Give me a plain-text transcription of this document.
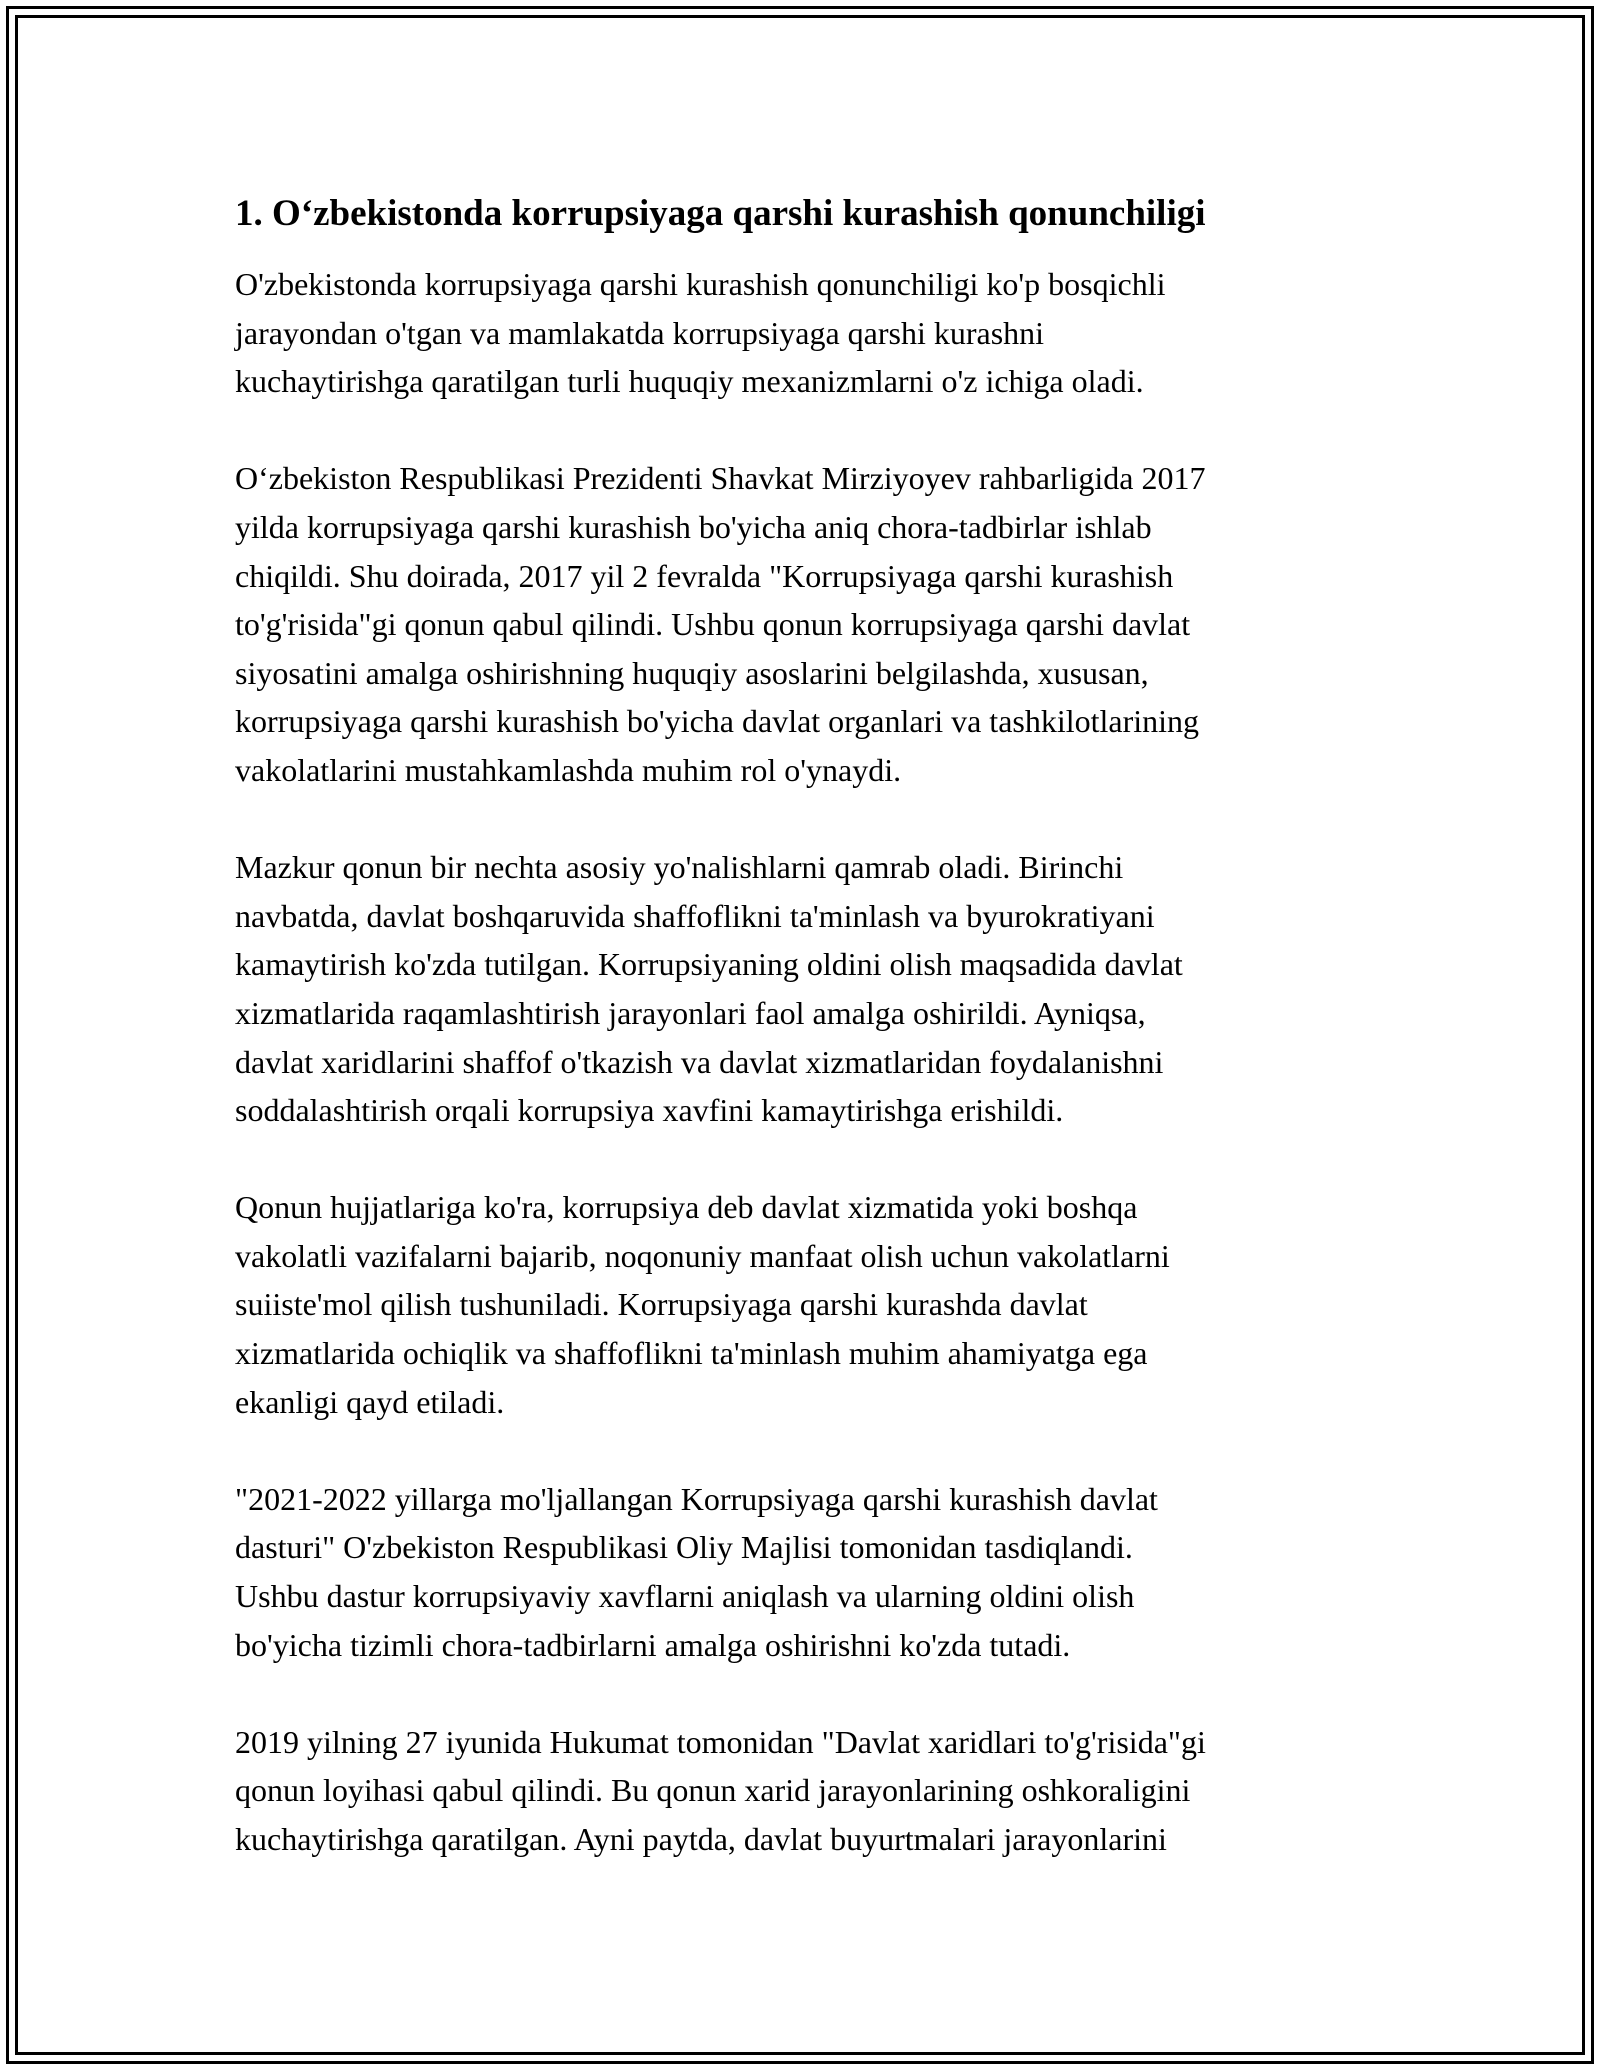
1. O‘zbekistonda korrupsiyaga qarshi kurashish qonunchiligi

O'zbekistonda korrupsiyaga qarshi kurashish qonunchiligi ko'p bosqichli
jarayondan o'tgan va mamlakatda korrupsiyaga qarshi kurashni
kuchaytirishga qaratilgan turli huquqiy mexanizmlarni o'z ichiga oladi.

O‘zbekiston Respublikasi Prezidenti Shavkat Mirziyoyev rahbarligida 2017
yilda korrupsiyaga qarshi kurashish bo'yicha aniq chora-tadbirlar ishlab
chiqildi. Shu doirada, 2017 yil 2 fevralda "Korrupsiyaga qarshi kurashish
to'g'risida"gi qonun qabul qilindi. Ushbu qonun korrupsiyaga qarshi davlat
siyosatini amalga oshirishning huquqiy asoslarini belgilashda, xususan,
korrupsiyaga qarshi kurashish bo'yicha davlat organlari va tashkilotlarining
vakolatlarini mustahkamlashda muhim rol o'ynaydi.

Mazkur qonun bir nechta asosiy yo'nalishlarni qamrab oladi. Birinchi
navbatda, davlat boshqaruvida shaffoflikni ta'minlash va byurokratiyani
kamaytirish ko'zda tutilgan. Korrupsiyaning oldini olish maqsadida davlat
xizmatlarida raqamlashtirish jarayonlari faol amalga oshirildi. Ayniqsa,
davlat xaridlarini shaffof o'tkazish va davlat xizmatlaridan foydalanishni
soddalashtirish orqali korrupsiya xavfini kamaytirishga erishildi.

Qonun hujjatlariga ko'ra, korrupsiya deb davlat xizmatida yoki boshqa
vakolatli vazifalarni bajarib, noqonuniy manfaat olish uchun vakolatlarni
suiiste'mol qilish tushuniladi. Korrupsiyaga qarshi kurashda davlat
xizmatlarida ochiqlik va shaffoflikni ta'minlash muhim ahamiyatga ega
ekanligi qayd etiladi.

"2021-2022 yillarga mo'ljallangan Korrupsiyaga qarshi kurashish davlat
dasturi" O'zbekiston Respublikasi Oliy Majlisi tomonidan tasdiqlandi.
Ushbu dastur korrupsiyaviy xavflarni aniqlash va ularning oldini olish
bo'yicha tizimli chora-tadbirlarni amalga oshirishni ko'zda tutadi.

2019 yilning 27 iyunida Hukumat tomonidan "Davlat xaridlari to'g'risida"gi
qonun loyihasi qabul qilindi. Bu qonun xarid jarayonlarining oshkoraligini
kuchaytirishga qaratilgan. Ayni paytda, davlat buyurtmalari jarayonlarini
